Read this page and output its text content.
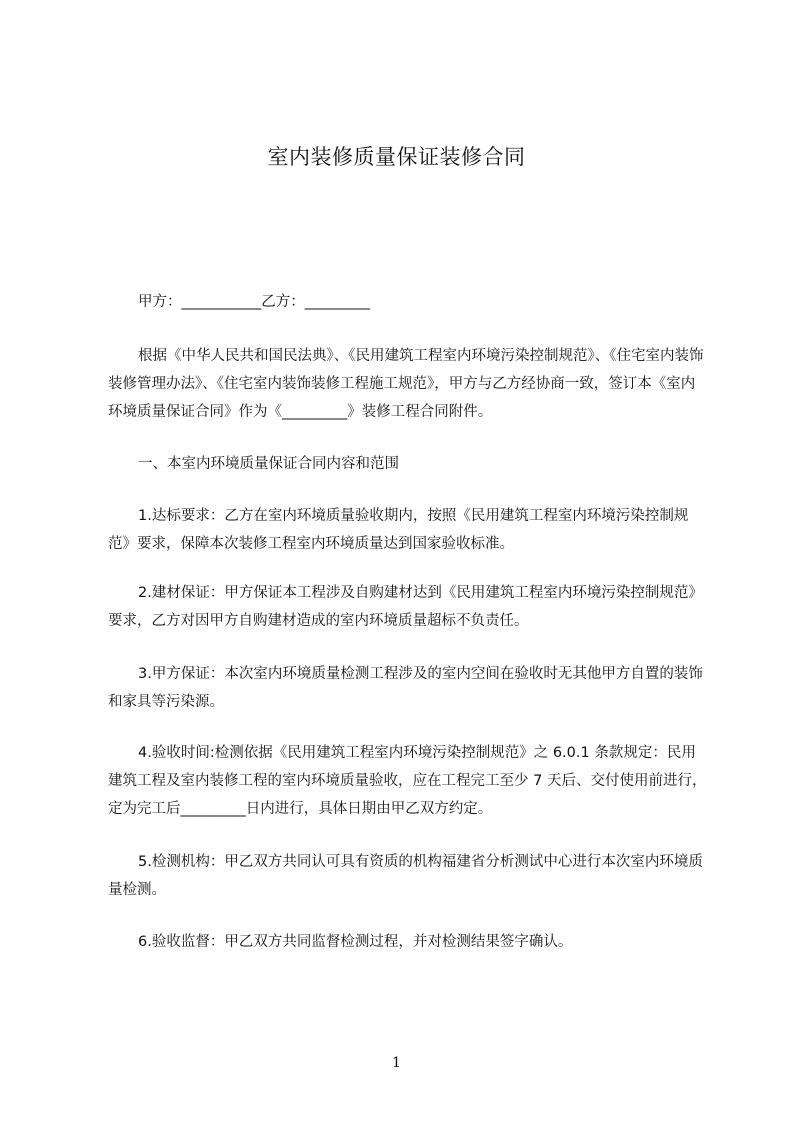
室内装修质量保证装修合同
甲方：___________乙方：_________
根据《中华人民共和国民法典》、《民用建筑工程室内环境污染控制规范》、《住宅室内装饰装修管理办法》、《住宅室内装饰装修工程施工规范》，甲方与乙方经协商一致，签订本《室内环境质量保证合同》作为《_________》装修工程合同附件。
一、本室内环境质量保证合同内容和范围
1.达标要求：乙方在室内环境质量验收期内，按照《民用建筑工程室内环境污染控制规范》要求，保障本次装修工程室内环境质量达到国家验收标准。
2.建材保证：甲方保证本工程涉及自购建材达到《民用建筑工程室内环境污染控制规范》要求，乙方对因甲方自购建材造成的室内环境质量超标不负责任。
3.甲方保证：本次室内环境质量检测工程涉及的室内空间在验收时无其他甲方自置的装饰和家具等污染源。
4.验收时间:检测依据《民用建筑工程室内环境污染控制规范》之 6.0.1 条款规定：民用建筑工程及室内装修工程的室内环境质量验收，应在工程完工至少 7 天后、交付使用前进行，定为完工后_________日内进行，具体日期由甲乙双方约定。
5.检测机构：甲乙双方共同认可具有资质的机构福建省分析测试中心进行本次室内环境质量检测。
6.验收监督：甲乙双方共同监督检测过程，并对检测结果签字确认。
1
